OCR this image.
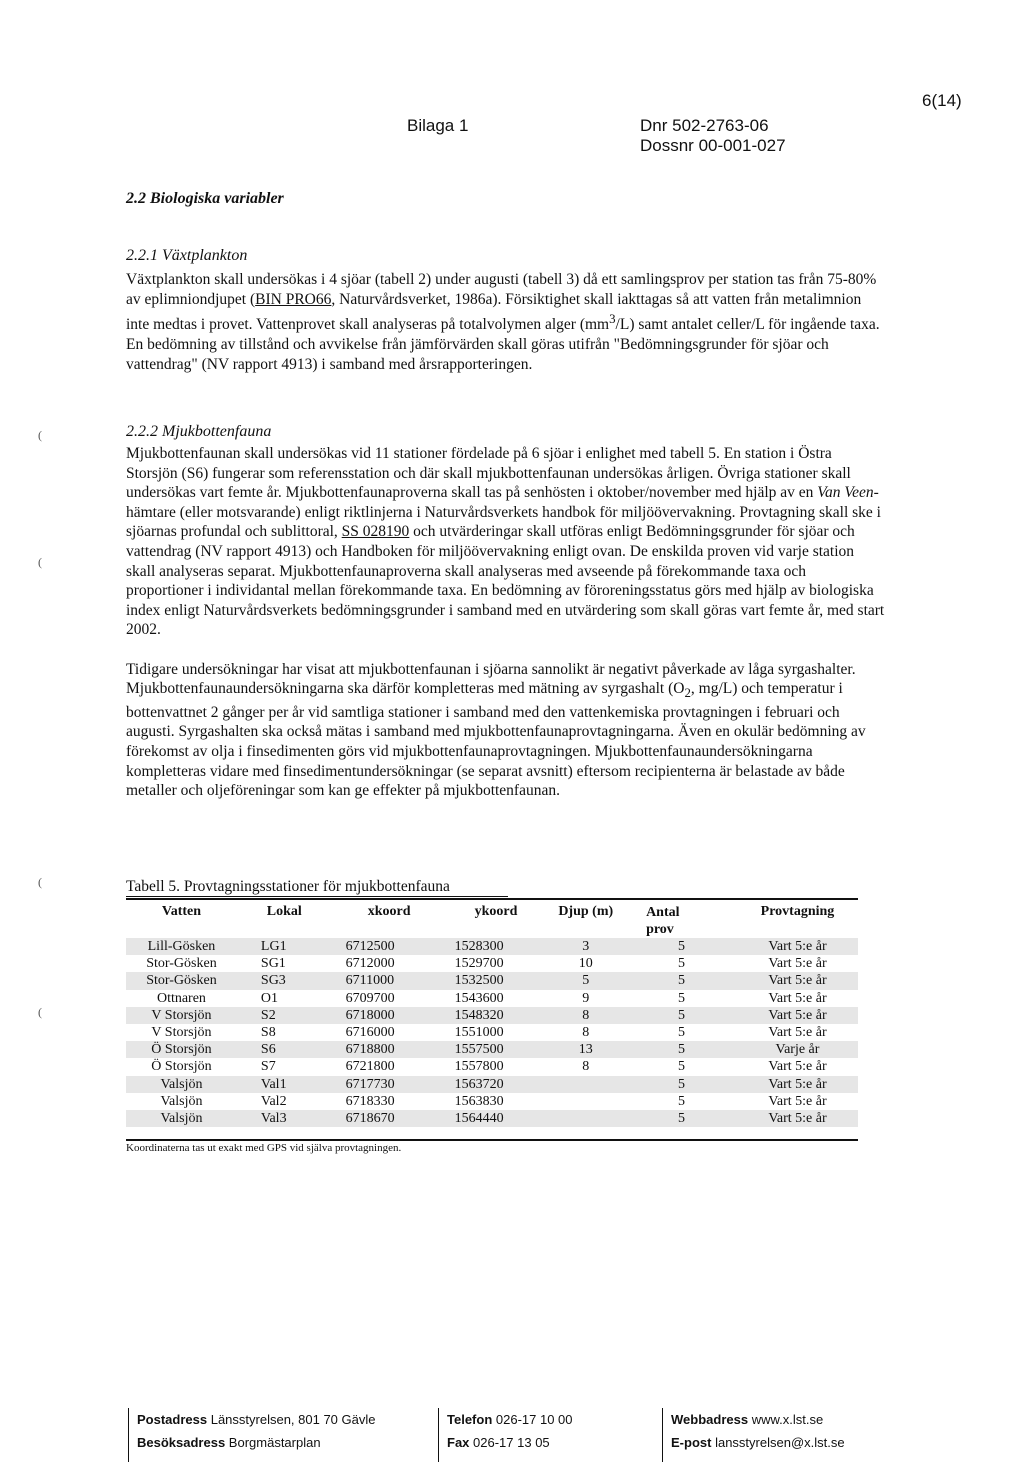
Bilaga 1	Dnr 502-2763-06
Dossnr 00-001-027
6(14)
2.2 Biologiska variabler
2.2.1 Växtplankton

Växtplankton skall undersökas i 4 sjöar (tabell 2) under augusti (tabell 3) då ett samlingsprov per station tas från 75-80% av eplimniondjupet (BIN PRO66, Naturvårdsverket, 1986a). Försiktighet skall iakttagas så att vatten från metalimnion inte medtas i provet. Vattenprovet skall analyseras på totalvolymen alger $(mm^3/L)$ samt antalet celler/L för ingående taxa. En bedömning av tillstånd och avvikelse från jämförvärden skall göras utifrån "Bedömningsgrunder för sjöar och vattendrag" (NV rapport 4913) i samband med årsrapporteringen.

2.2.2 Mjukbottenfauna

Mjukbottenfaunan skall undersökas vid 11 stationer fördelade på 6 sjöar i enlighet med tabell 5. En station i Östra Storsjön (S6) fungerar som referensstation och där skall mjukbottenfaunan undersökas årligen. Övriga stationer skall undersökas vart femte år. Mjukbottenfaunaproverna skall tas på senhösten i oktober/november med hjälp av en Van Veen-hämtare (eller motsvarande) enligt riktlinjerna i Naturvårdsverkets handbok för miljöövervakning. Provtagning skall ske i sjöarnas profundal och sublittoral, SS 028190 och utvärderingar skall utföras enligt Bedömningsgrunder för sjöar och vattendrag (NV rapport 4913) och Handboken för miljöövervakning enligt ovan. De enskilda proven vid varje station skall analyseras separat. Mjukbottenfaunaproverna skall analyseras med avseende på förekommande taxa och proportioner i individantal mellan förekommande taxa. En bedömning av föroreningsstatus görs med hjälp av biologiska index enligt Naturvårdsverkets bedömningsgrunder i samband med en utvärdering som skall göras vart femte år, med start 2002.

Tidigare undersökningar har visat att mjukbottenfaunan i sjöarna sannolikt är negativt påverkade av låga syrgashalter. Mjukbottenfaunaundersökningarna ska därför kompletteras med mätning av syrgashalt ($O_2$, mg/L) och temperatur i bottenvattnet 2 gånger per år vid samtliga stationer i samband med den vattenkemiska provtagningen i februari och augusti. Syrgashalten ska också mätas i samband med mjukbottenfaunaprovtagningarna. Även en okulär bedömning av förekomst av olja i finsedimenten görs vid mjukbottenfaunaprovtagningen. Mjukbottenfaunaundersökningarna kompletteras vidare med finsedimentundersökningar (se separat avsnitt) eftersom recipienterna är belastade av både metaller och oljeföreningar som kan ge effekter på mjukbottenfaunan.

(
(
(
(
Tabell 5. Provtagningsstationer för mjukbottenfauna
Vatten	Lokal	xkoord	ykoord	Djup (m)	Antal prov	Provtagning
Lill-Gösken	LG1	6712500	1528300	3	5	Vart 5:e år
Stor-Gösken	SG1	6712000	1529700	10	5	Vart 5:e år
Stor-Gösken	SG3	6711000	1532500	5	5	Vart 5:e år
Ottnaren	O1	6709700	1543600	9	5	Vart 5:e år
V Storsjön	S2	6718000	1548320	8	5	Vart 5:e år
V Storsjön	S8	6716000	1551000	8	5	Vart 5:e år
Ö Storsjön	S6	6718800	1557500	13	5	Varje år
Ö Storsjön	S7	6721800	1557800	8	5	Vart 5:e år
Valsjön	Val1	6717730	1563720		5	Vart 5:e år
Valsjön	Val2	6718330	1563830		5	Vart 5:e år
Valsjön	Val3	6718670	1564440		5	Vart 5:e år
Koordinaterna tas ut exakt med GPS vid själva provtagningen.
Postadress Länsstyrelsen, 801 70 Gävle
Besöksadress Borgmästarplan
Telefon 026-17 10 00
Fax 026-17 13 05
Webbadress www.x.lst.se
E-post lansstyrelsen@x.lst.se
